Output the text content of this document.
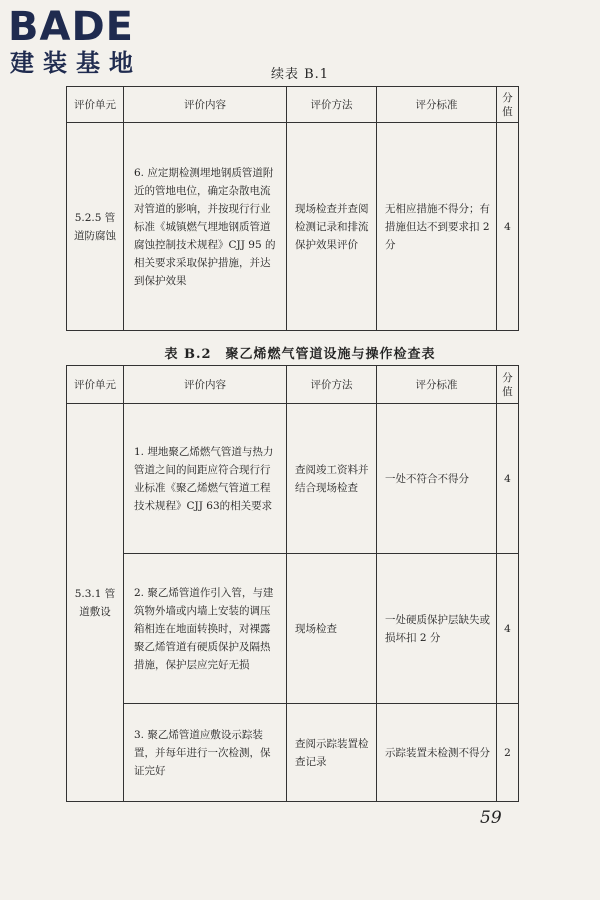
BADE
建装基地	续表 B.1
评价单元	评价内容	评价方法	评分标准	分值
5.2.5 管道防腐蚀	6. 应定期检测埋地钢质管道附近的管地电位，确定杂散电流对管道的影响，并按现行行业标准《城镇燃气埋地钢质管道腐蚀控制技术规程》CJJ 95 的相关要求采取保护措施，并达到保护效果	现场检查并查阅检测记录和排流保护效果评价	无相应措施不得分；有措施但达不到要求扣 2 分	4
表 B.2　聚乙烯燃气管道设施与操作检查表
评价单元	评价内容	评价方法	评分标准	分值
5.3.1 管道敷设	1. 埋地聚乙烯燃气管道与热力管道之间的间距应符合现行行业标准《聚乙烯燃气管道工程技术规程》CJJ 63的相关要求	查阅竣工资料并结合现场检查	一处不符合不得分	4
	2. 聚乙烯管道作引入管，与建筑物外墙或内墙上安装的调压箱相连在地面转换时，对裸露聚乙烯管道有硬质保护及隔热措施，保护层应完好无损	现场检查	一处硬质保护层缺失或损坏扣 2 分	4
	3. 聚乙烯管道应敷设示踪装置，并每年进行一次检测，保证完好	查阅示踪装置检查记录	示踪装置未检测不得分	2
59
